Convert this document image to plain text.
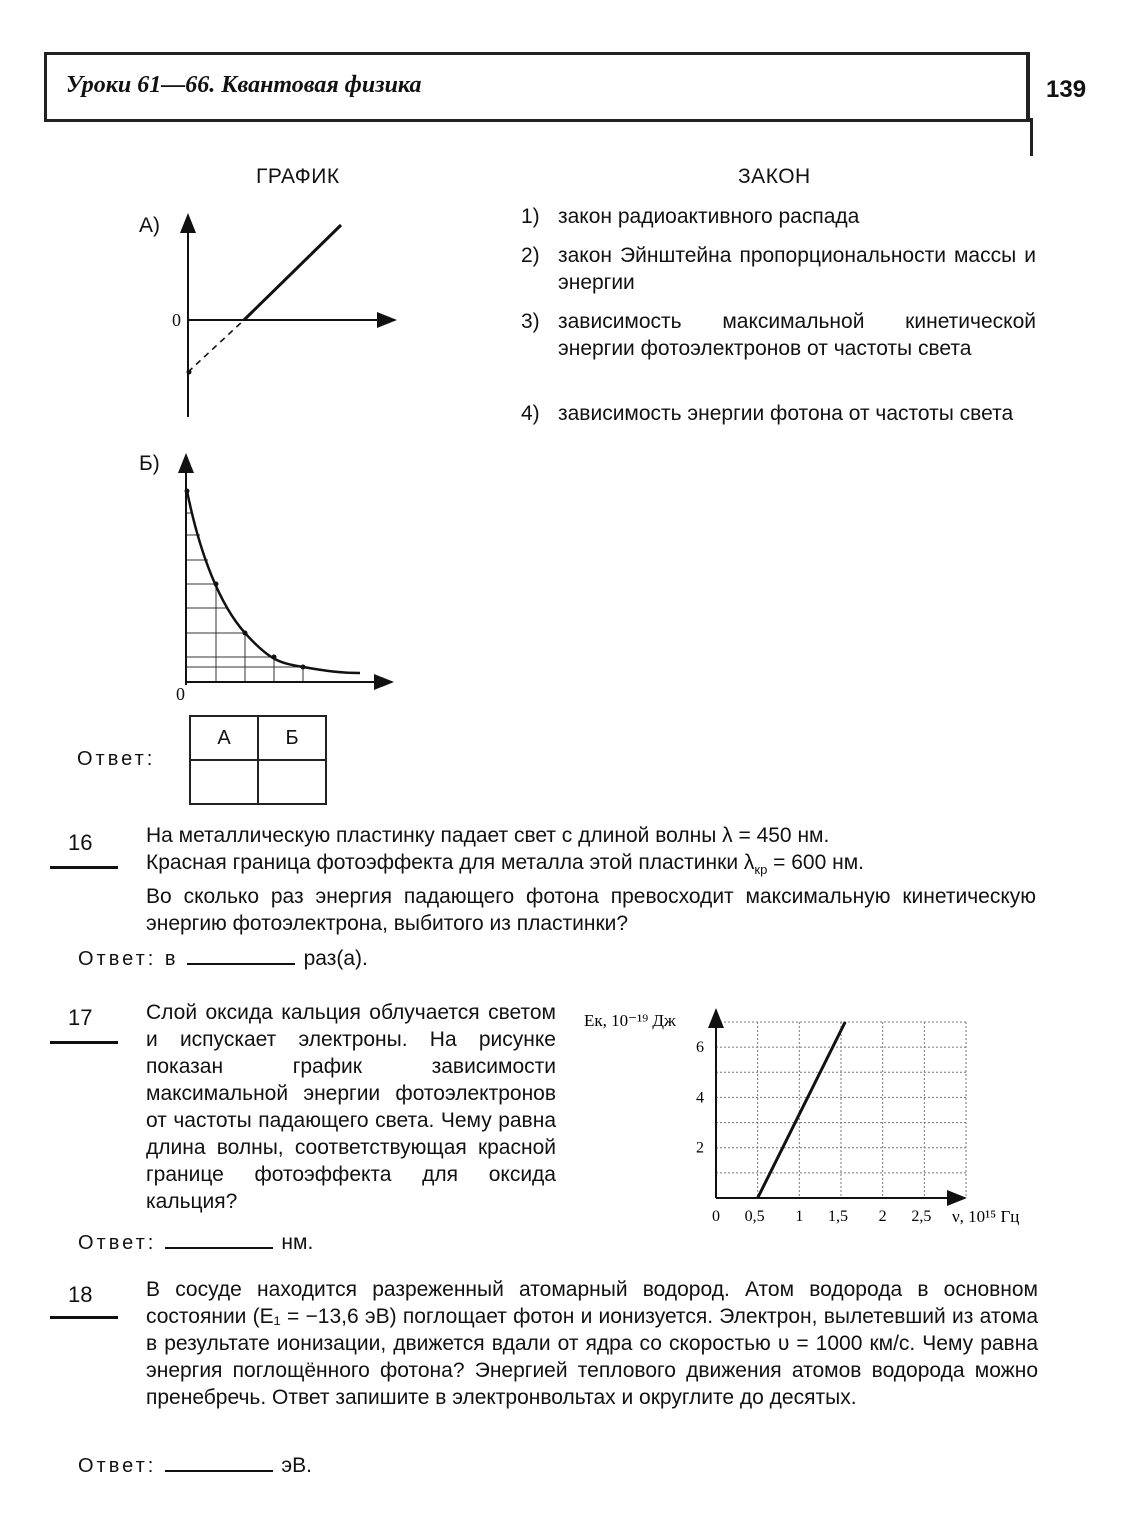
Уроки 61—66. Квантовая физика	139
ГРАФИК	ЗАКОН
А)
0
Б)
0
1) закон радиоактивного распада
2) закон Эйнштейна пропорциональности массы и энергии
3) зависимость максимальной кинетической энергии фотоэлектронов от частоты света
4) зависимость энергии фотона от частоты света
Ответ:
А	Б

16	На металлическую пластинку падает свет с длиной волны λ = 450 нм.
Красная граница фотоэффекта для металла этой пластинки $\lambda_{кр} = 600$ нм.
Во сколько раз энергия падающего фотона превосходит максимальную кинетическую энергию фотоэлектрона, выбитого из пластинки?
Ответ: в	раз(а).
17	Слой оксида кальция облучается светом и испускает электроны. На рисунке показан график зависимости максимальной энергии фотоэлектронов от частоты падающего света. Чему равна длина волны, соответствующая красной границе фотоэффекта для оксида кальция?
Eк, 10⁻¹⁹ Дж
2
4
6
0 0,5 1 1,5 2 2,5 ν, 10¹⁵ Гц
Ответ:	нм.
18	В сосуде находится разреженный атомарный водород. Атом водорода в основном состоянии (E₁ = −13,6 эВ) поглощает фотон и ионизуется. Электрон, вылетевший из атома в результате ионизации, движется вдали от ядра со скоростью υ = 1000 км/с. Чему равна энергия поглощённого фотона? Энергией теплового движения атомов водорода можно пренебречь. Ответ запишите в электронвольтах и округлите до десятых.
Ответ:	эВ.
